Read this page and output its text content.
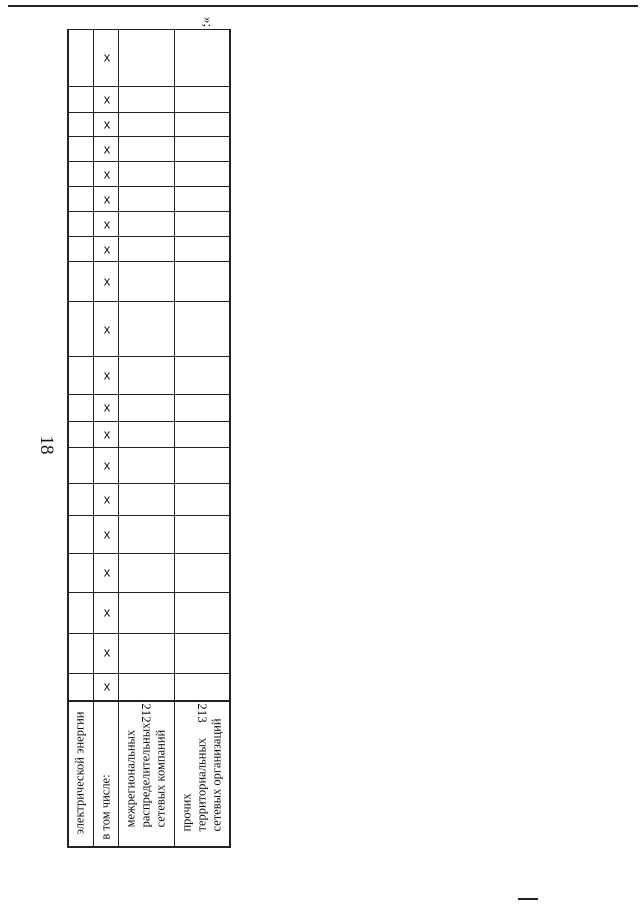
18
»;
электрической энергии в том числе: межрегиональных
распределительных
сетевых компаний
прочих
территориальных
сетевых организаций
212	213
x
x
x
x
x
x
x
x
x
x
x
x
x
x
x
x
x
x
x
x
